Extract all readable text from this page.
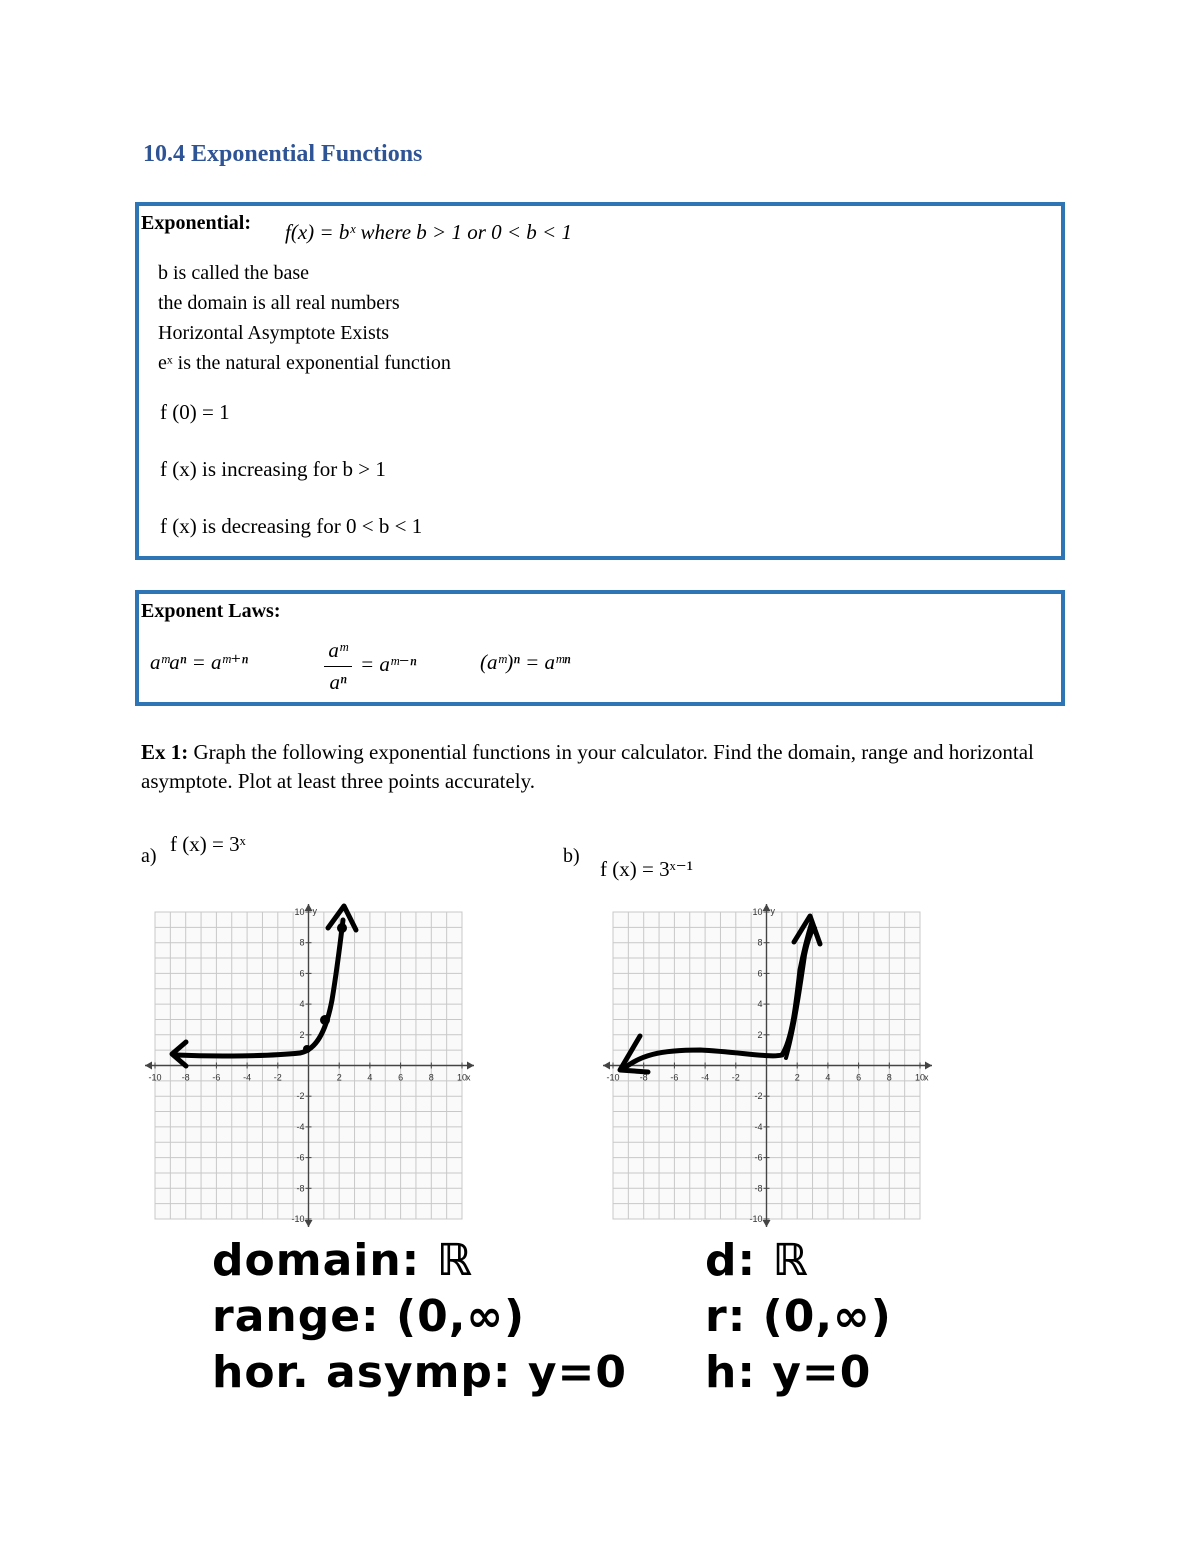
10.4 Exponential Functions
Exponential: f(x) = bˣ where b > 1 or 0 < b < 1
b is called the base
the domain is all real numbers
Horizontal Asymptote Exists
eˣ is the natural exponential function
f (0) = 1
f (x) is increasing for b > 1
f (x) is decreasing for 0 < b < 1
Exponent Laws:
aᵐaⁿ = aᵐ⁺ⁿ	aᵐ
aⁿ
= aᵐ⁻ⁿ	(aᵐ)ⁿ = aᵐⁿ
Ex 1: Graph the following exponential functions in your calculator. Find the domain, range and horizontal asymptote. Plot at least three points accurately.
a) f (x) = 3ˣ	b)
f (x) = 3ˣ⁻¹
-10 -8	-6	-4	-2	2	4	6	8	10
x
10
8
6
4
2
-2
-4
-6
-8
-10
y
-10 -8	-6	-4	-2	2	4	6	8	10
x
10
8
6
4
2
-2
-4
-6
-8
-10
y
domain: ℝ
range: (0,∞)
hor. asymp: y=0
d: ℝ
r: (0,∞)
h: y=0
